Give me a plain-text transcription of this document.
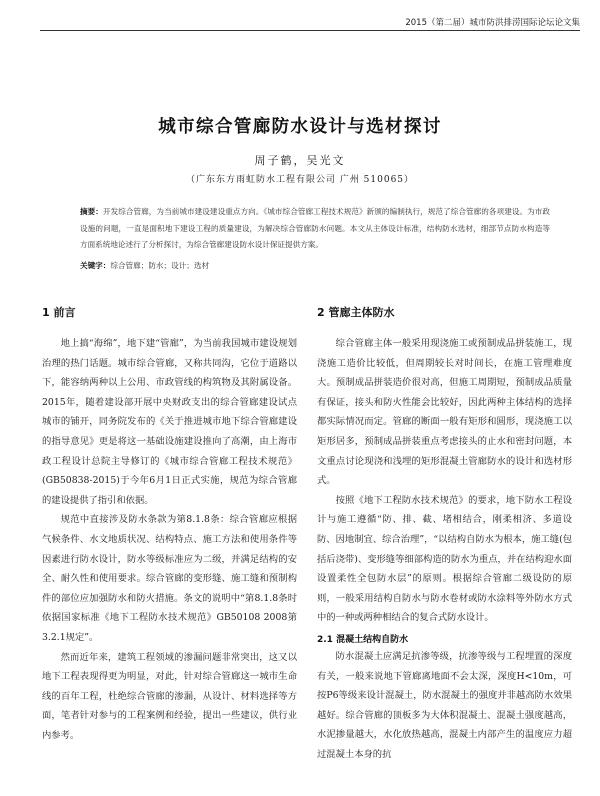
2015（第二届）城市防洪排涝国际论坛论文集
城市综合管廊防水设计与选材探讨
周子鹤，吴光文
（广东东方雨虹防水工程有限公司 广州 510065）
摘要：开发综合管廊，为当前城市建设建设重点方向。《城市综合管廊工程技术规范》新颁的编制执行，规范了综合管廊的各项建设。为市政设施的问题，一直是面积地下建设工程的质量建设，为解决综合管廊防水问题。本文从主体设计标准，结构防水选材，细部节点防水构造等方面系统地论述行了分析探讨，为综合管廊建设防水设计保证提供方案。
关键字：综合管廊；防水；设计；选材
1 前言

地上搞“海绵”，地下建“管廊”，为当前我国城市建设规划治理的热门话题。城市综合管廊，又称共同沟，它位于道路以下，能容纳两种以上公用、市政管线的构筑物及其附属设备。2015年，随着建设部开展中央财政支出的综合管廊建设试点城市的铺开，同务院发布的《关于推进城市地下综合管廊建设的指导意见》更是将这一基础设施建设推向了高潮，由上海市政工程设计总院主导修订的《城市综合管廊工程技术规范》(GB50838-2015)于今年6月1日正式实施，规范为综合管廊的建设提供了指引和依据。

规范中直接涉及防水条款为第8.1.8条：综合管廊应根据气候条件、水文地质状况、结构特点、施工方法和使用条件等因素进行防水设计，防水等级标准应为二级，并满足结构的安全、耐久性和使用要求。综合管廊的变形缝、施工缝和预制构件的部位应加强防水和防火措施。条文的说明中“第8.1.8条时依据国家标准《地下工程防水技术规范》GB50108 2008第3.2.1规定”。

然而近年来，建筑工程领域的渗漏问题非常突出，这又以地下工程表现得更为明显，对此，针对综合管廊这一城市生命线的百年工程，杜绝综合管廊的渗漏，从设计、材料选择等方面，笔者针对参与的工程案例和经验，提出一些建议，供行业内参考。

2 管廊主体防水

综合管廊主体一般采用现浇施工或预制成品拼装施工，现浇施工造价比较低，但周期较长对时间长，在施工管理难度大。预制成品拼装造价很对高，但施工周期短，预制成品质量有保证，接头和防火性能会比较好，因此两种主体结构的选择都实际情况而定。管廊的断面一般有矩形和圆形，现浇施工以矩形居多，预制成品拼装重点考虑接头的止水和密封问题，本文重点讨论现浇和浅埋的矩形混凝土管廊防水的设计和选材形式。

按照《地下工程防水技术规范》的要求，地下防水工程设计与施工遵循“防、排、截、堵相结合，刚柔相济、多道设防、因地制宜、综合治理”，“以结构自防水为根本，施工缝(包括后浇带)、变形缝等细部构造的防水为重点，并在结构迎水面设置柔性全包防水层”的原则。根据综合管廊二级设防的原则，一般采用结构自防水与防水卷材或防水涂料等外防水方式中的一种或两种相结合的复合式防水设计。

2.1 混凝土结构自防水

防水混凝土应满足抗渗等级，抗渗等级与工程埋置的深度有关，一般来说地下管廊离地面不会太深，深度H<10m，可按P6等级来设计混凝土，防水混凝土的强度并非越高防水效果越好。综合管廊的顶板多为大体积混凝土、混凝土强度越高，水泥掺量越大，水化放热越高，混凝土内部产生的温度应力超过混凝土本身的抗
